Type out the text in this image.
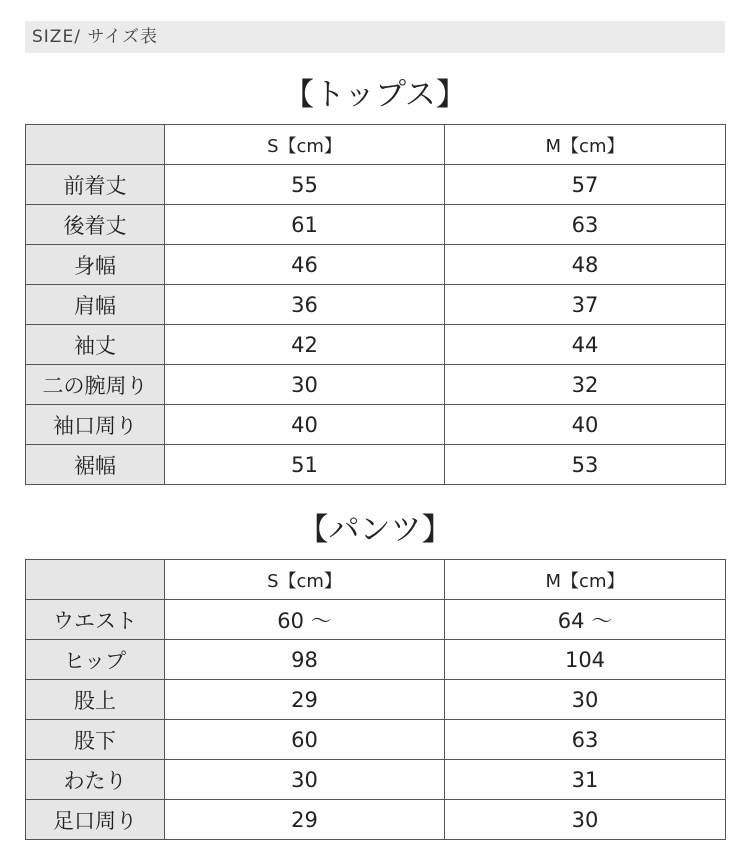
SIZE/ サイズ表
【トップス】
	S【cm】	M【cm】
前着丈	55	57
後着丈	61	63
身幅	46	48
肩幅	36	37
袖丈	42	44
二の腕周り	30	32
袖口周り	40	40
裾幅	51	53
【パンツ】
	S【cm】	M【cm】
ウエスト	60 〜	64 〜
ヒップ	98	104
股上	29	30
股下	60	63
わたり	30	31
足口周り	29	30
